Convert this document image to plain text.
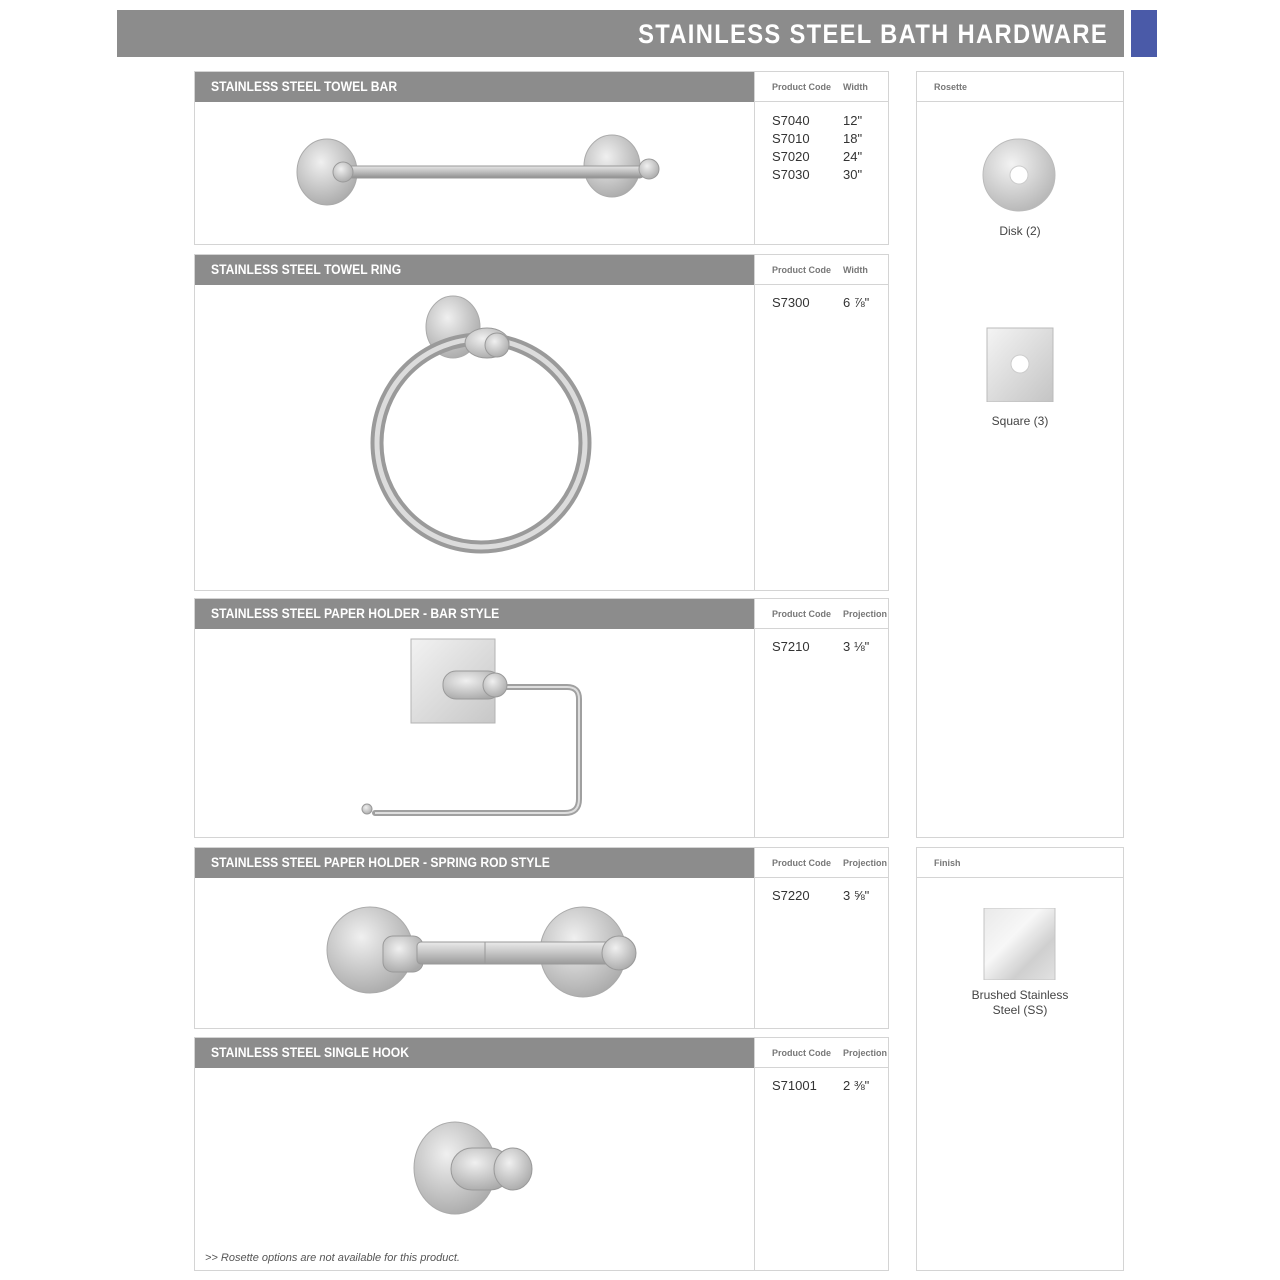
STAINLESS STEEL BATH HARDWARE
STAINLESS STEEL TOWEL BAR	Product Code Width
S7040	12"
S7010	18"
S7020	24"
S7030	30"
STAINLESS STEEL TOWEL RING	Product Code Width
S7300	6 ⅞"
STAINLESS STEEL PAPER HOLDER - BAR STYLE	Product Code Projection
S7210	3 ⅛"
STAINLESS STEEL PAPER HOLDER - SPRING ROD STYLE	Product Code Projection
S7220	3 ⅝"
STAINLESS STEEL SINGLE HOOK	Product Code Projection
S71001 2 ⅜"
>> Rosette options are not available for this product.
Rosette
Disk (2)
Square (3)
Finish
Brushed Stainless
Steel (SS)
